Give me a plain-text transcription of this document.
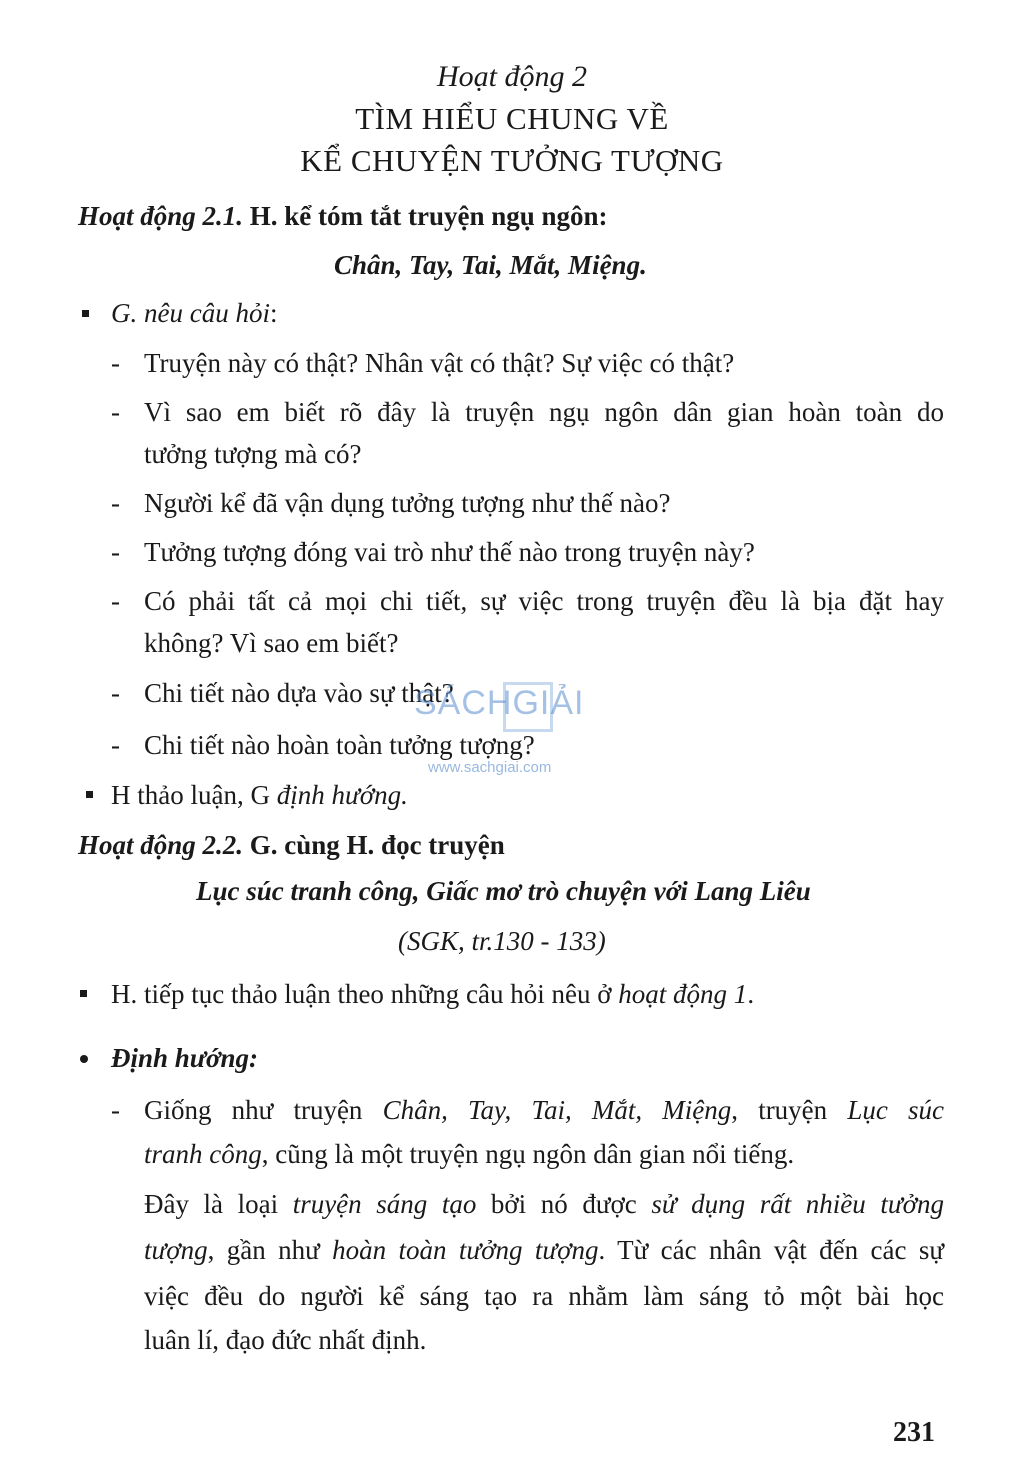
Hoạt động 2
TÌM HIỂU CHUNG VỀ
KỂ CHUYỆN TƯỞNG TƯỢNG
Hoạt động 2.1. H. kể tóm tắt truyện ngụ ngôn:
Chân, Tay, Tai, Mắt, Miệng.
G. nêu câu hỏi:
- Truyện này có thật? Nhân vật có thật? Sự việc có thật?
- Vì sao em biết rõ đây là truyện ngụ ngôn dân gian hoàn toàn do
tưởng tượng mà có?
- Người kể đã vận dụng tưởng tượng như thế nào?
- Tưởng tượng đóng vai trò như thế nào trong truyện này?
- Có phải tất cả mọi chi tiết, sự việc trong truyện đều là bịa đặt hay
không? Vì sao em biết?
- Chi tiết nào dựa vào sự thật?
- Chi tiết nào hoàn toàn tưởng tượng?
SÁCHGIẢI
www.sachgiai.com
H thảo luận, G định hướng.
Hoạt động 2.2. G. cùng H. đọc truyện
Lục súc tranh công, Giấc mơ trò chuyện với Lang Liêu
(SGK, tr.130 - 133)
H. tiếp tục thảo luận theo những câu hỏi nêu ở hoạt động 1.
Định hướng:
- Giống như truyện Chân, Tay, Tai, Mắt, Miệng, truyện Lục súc
tranh công, cũng là một truyện ngụ ngôn dân gian nổi tiếng.
Đây là loại truyện sáng tạo bởi nó được sử dụng rất nhiều tưởng
tượng, gần như hoàn toàn tưởng tượng. Từ các nhân vật đến các sự
việc đều do người kể sáng tạo ra nhằm làm sáng tỏ một bài học
luân lí, đạo đức nhất định.
231
